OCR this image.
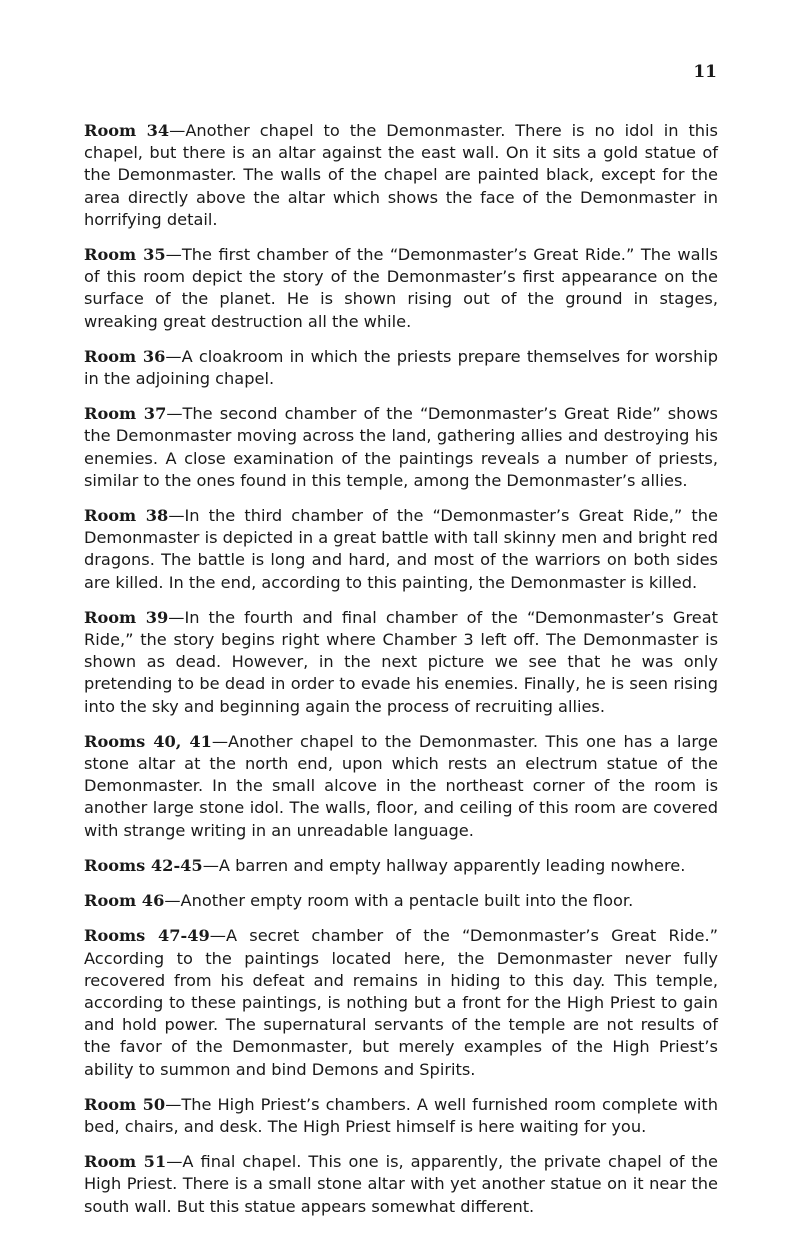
11

Room 34—Another chapel to the Demonmaster. There is no idol in this chapel, but there is an altar against the east wall. On it sits a gold statue of the Demonmaster. The walls of the chapel are painted black, except for the area directly above the altar which shows the face of the Demonmaster in horrifying detail.

Room 35—The first chamber of the “Demonmaster’s Great Ride.” The walls of this room depict the story of the Demonmaster’s first appearance on the surface of the planet. He is shown rising out of the ground in stages, wreaking great destruction all the while.

Room 36—A cloakroom in which the priests prepare themselves for worship in the adjoining chapel.

Room 37—The second chamber of the “Demonmaster’s Great Ride” shows the Demonmaster moving across the land, gathering allies and destroying his enemies. A close examination of the paintings reveals a number of priests, similar to the ones found in this temple, among the Demonmaster’s allies.

Room 38—In the third chamber of the “Demonmaster’s Great Ride,” the Demonmaster is depicted in a great battle with tall skinny men and bright red dragons. The battle is long and hard, and most of the warriors on both sides are killed. In the end, according to this painting, the Demonmaster is killed.

Room 39—In the fourth and final chamber of the “Demonmaster’s Great Ride,” the story begins right where Chamber 3 left off. The Demonmaster is shown as dead. However, in the next picture we see that he was only pretending to be dead in order to evade his enemies. Finally, he is seen rising into the sky and beginning again the process of recruiting allies.

Rooms 40, 41—Another chapel to the Demonmaster. This one has a large stone altar at the north end, upon which rests an electrum statue of the Demonmaster. In the small alcove in the northeast corner of the room is another large stone idol. The walls, floor, and ceiling of this room are covered with strange writing in an unreadable language.

Rooms 42-45—A barren and empty hallway apparently leading nowhere.

Room 46—Another empty room with a pentacle built into the floor.

Rooms 47-49—A secret chamber of the “Demonmaster’s Great Ride.” According to the paintings located here, the Demonmaster never fully recovered from his defeat and remains in hiding to this day. This temple, according to these paintings, is nothing but a front for the High Priest to gain and hold power. The supernatural servants of the temple are not results of the favor of the Demonmaster, but merely examples of the High Priest’s ability to summon and bind Demons and Spirits.

Room 50—The High Priest’s chambers. A well furnished room complete with bed, chairs, and desk. The High Priest himself is here waiting for you.

Room 51—A final chapel. This one is, apparently, the private chapel of the High Priest. There is a small stone altar with yet another statue on it near the south wall. But this statue appears somewhat different.
